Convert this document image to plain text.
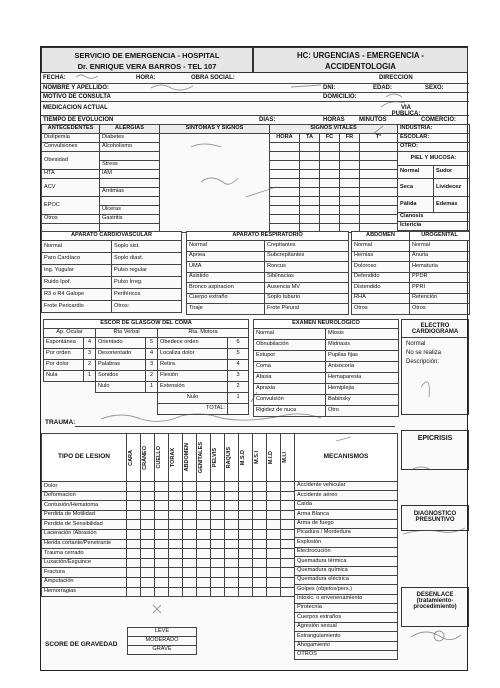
SERVICIO DE EMERGENCIA - HOSPITAL
Dr. ENRIQUE VERA BARROS - TEL 107
HC: URGENCIAS - EMERGENCIA -
ACCIDENTOLOGIA
FECHA:	HORA:	OBRA SOCIAL:	DIRECCION
NOMBRE Y APELLIDO:	DNI:	EDAD:	SEXO:
MOTIVO DE CONSULTA	DOMICILIO:
MEDICACION ACTUAL	VIA PUBLICA:
TIEMPO DE EVOLUCION	DIAS:	HORAS MINUTOS	COMERCIO:
ANTECEDENTES	ALERGIAS	SINTOMAS Y SIGNOS	SIGNOS VITALES				
Dislipemia	Diabetes		HORA	TA	FC	FR	T°
Convulsiones	Alcoholismo						
Obesidad							
	Stress						
HTA	IAM						
ACV							
	Arritmias						
EPOC							
	Ulceras						
Otros	Gastritis						

INDUSTRIA:	
ESCOLAR:	
OTRO:	
PIEL Y MUCOSA:	
Normal	Sudor
Seca	Lividecez
Pálida	Edemas
Cianosis	
Ictericia	
APARATO CARDIOVASCULAR	
Normal	Soplo sist.
Paro Cardíaco	Soplo diast.
Ing. Yugular	Pulso regular
Ruido Ipof.	Pulso Irreg.
R3 o R4 Galope	Periféricos
Frote Pericardio	Otros:
APARATO RESPIRATORIO	
Normal	Crepitantes
Apnea	Subcrepitantes
UMA	Roncus
Asistido	Sibilnacias
Bronco aspiracion	Ausencia MV
Cuerpo extraño	Soplo tubario
Tiraje	Frote Pleural
ABDOMEN	UROGENITAL
Normal	Normal
Hernias	Anuria
Doloroso	Hematuria
Defendido	PPDR
Distendido	PPRI
RHA	Retención
Otros	Otros
ESCOR DE GLASGOW DEL COMA					
Ap. Ocular		Rta Verbal		Rta. Motora	
Espontánea	4	Orientado	5	Obedece orden	6
Por orden	3	Desorientado	4	Localiza dolor	5
Por dolor	2	Palabras	3	Retira	4
Nula	1	Sonidos	2	Flexión	3
		Nulo	1	Extensión	2
				Nulo	1
				TOTAL:	
EXAMEN NEUROLOGICO	
Normal	Miosis
Obnubilación	Midriasis
Estupor	Pupilas fijas
Coma	Anisocoria
Afasia	Hemaparesia
Apraxia	Hemiplejia
Convulsión	Babinsky
Rigidez de nuca	Otro
ELECTRO
CARDIOGRAMA
Normal
No se realiza
Descripción:
TRAUMA:
TIPO DE LESION	CARA	CRÁNEO	CUELLO	TORAX	ABDOMEN	GENITALES	PELVIS	RAQUIS	M.S.D	M.S.I	M.I.D	M.I.I

Dolor												
Deformacion												
Contusión/Hematoma												
Perdida de Motilidad												
Perdida de Sensibilidad												
Laceración /Abrasión												
Herida cortante/Penetrante												
Trauma cerrado												
Luxación/Esguince												
Fractura												
Amputación												
Hemorragias												
MECANISMOS
Accidente vehicular
Accidente aéreo
Caída
Arma Blanca
Arma de fuego
Picadura / Mordedura
Explosión
Electrocución
Quemadura térmica
Quemadura química
Quemadura eléctrica
Golpes (objetos/pers.)
Intoxic. o envenenamiento
Pirotecnia
Cuerpos extraños
Agresión sexual
Estrangulamiento
Ahogamiento
OTROS
SCORE DE GRAVEDAD
LEVE
MODERADO
GRAVE
EPICRISIS
DIAGNOSTICO
PRESUNTIVO
DESENLACE
(tratamiento-
procedimiento)
